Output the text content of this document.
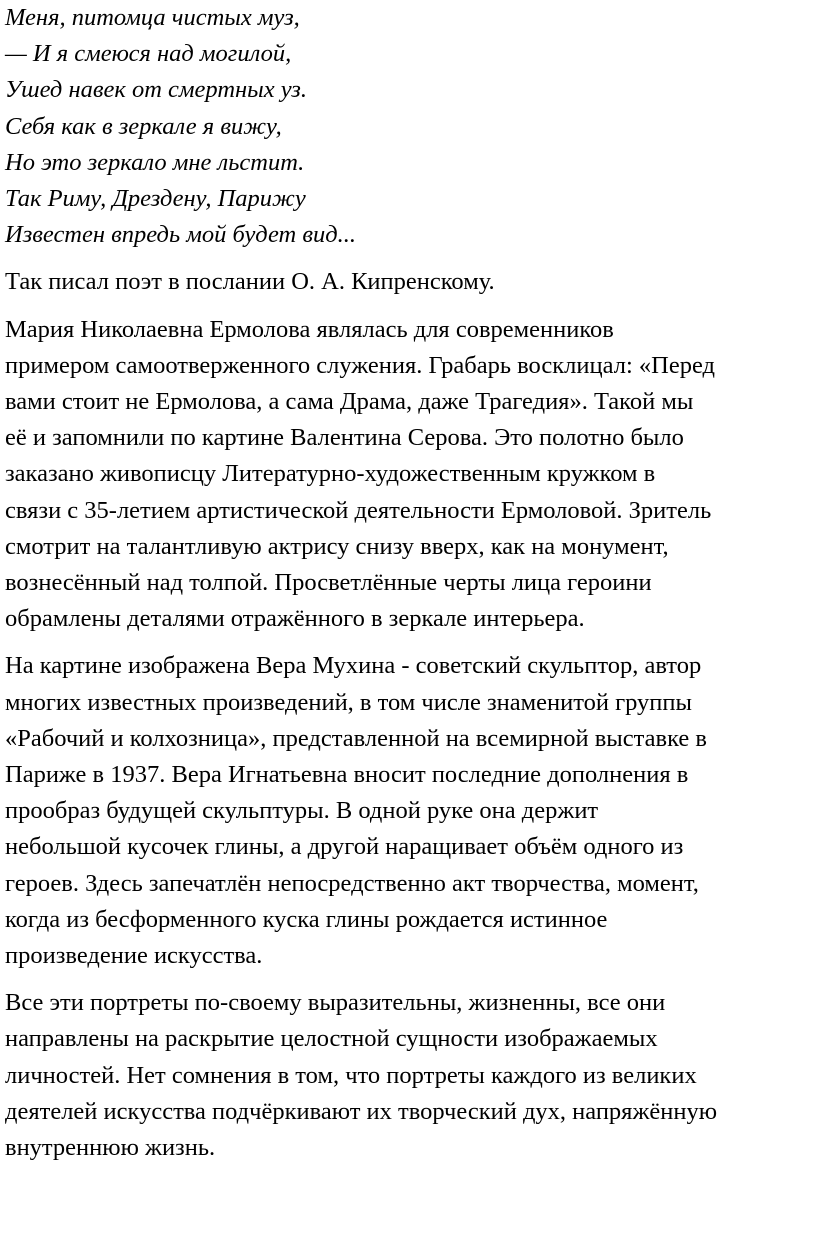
Меня, питомца чистых муз,
— И я смеюся над могилой,
Ушед навек от смертных уз.
Себя как в зеркале я вижу,
Но это зеркало мне льстит.
Так Риму, Дрездену, Парижу
Известен впредь мой будет вид...
Так писал поэт в послании О. А. Кипренскому.
Мария Николаевна Ермолова являлась для современников
примером самоотверженного служения. Грабарь восклицал: «Перед
вами стоит не Ермолова, а сама Драма, даже Трагедия». Такой мы
её и запомнили по картине Валентина Серова. Это полотно было
заказано живописцу Литературно-художественным кружком в
связи с 35-летием артистической деятельности Ермоловой. Зритель
смотрит на талантливую актрису снизу вверх, как на монумент,
вознесённый над толпой. Просветлённые черты лица героини
обрамлены деталями отражённого в зеркале интерьера.
На картине изображена Вера Мухина - советский скульптор, автор
многих известных произведений, в том числе знаменитой группы
«Рабочий и колхозница», представленной на всемирной выставке в
Париже в 1937. Вера Игнатьевна вносит последние дополнения в
прообраз будущей скульптуры. В одной руке она держит
небольшой кусочек глины, а другой наращивает объём одного из
героев. Здесь запечатлён непосредственно акт творчества, момент,
когда из бесформенного куска глины рождается истинное
произведение искусства.
Все эти портреты по-своему выразительны, жизненны, все они
направлены на раскрытие целостной сущности изображаемых
личностей. Нет сомнения в том, что портреты каждого из великих
деятелей искусства подчёркивают их творческий дух, напряжённую
внутреннюю жизнь.
